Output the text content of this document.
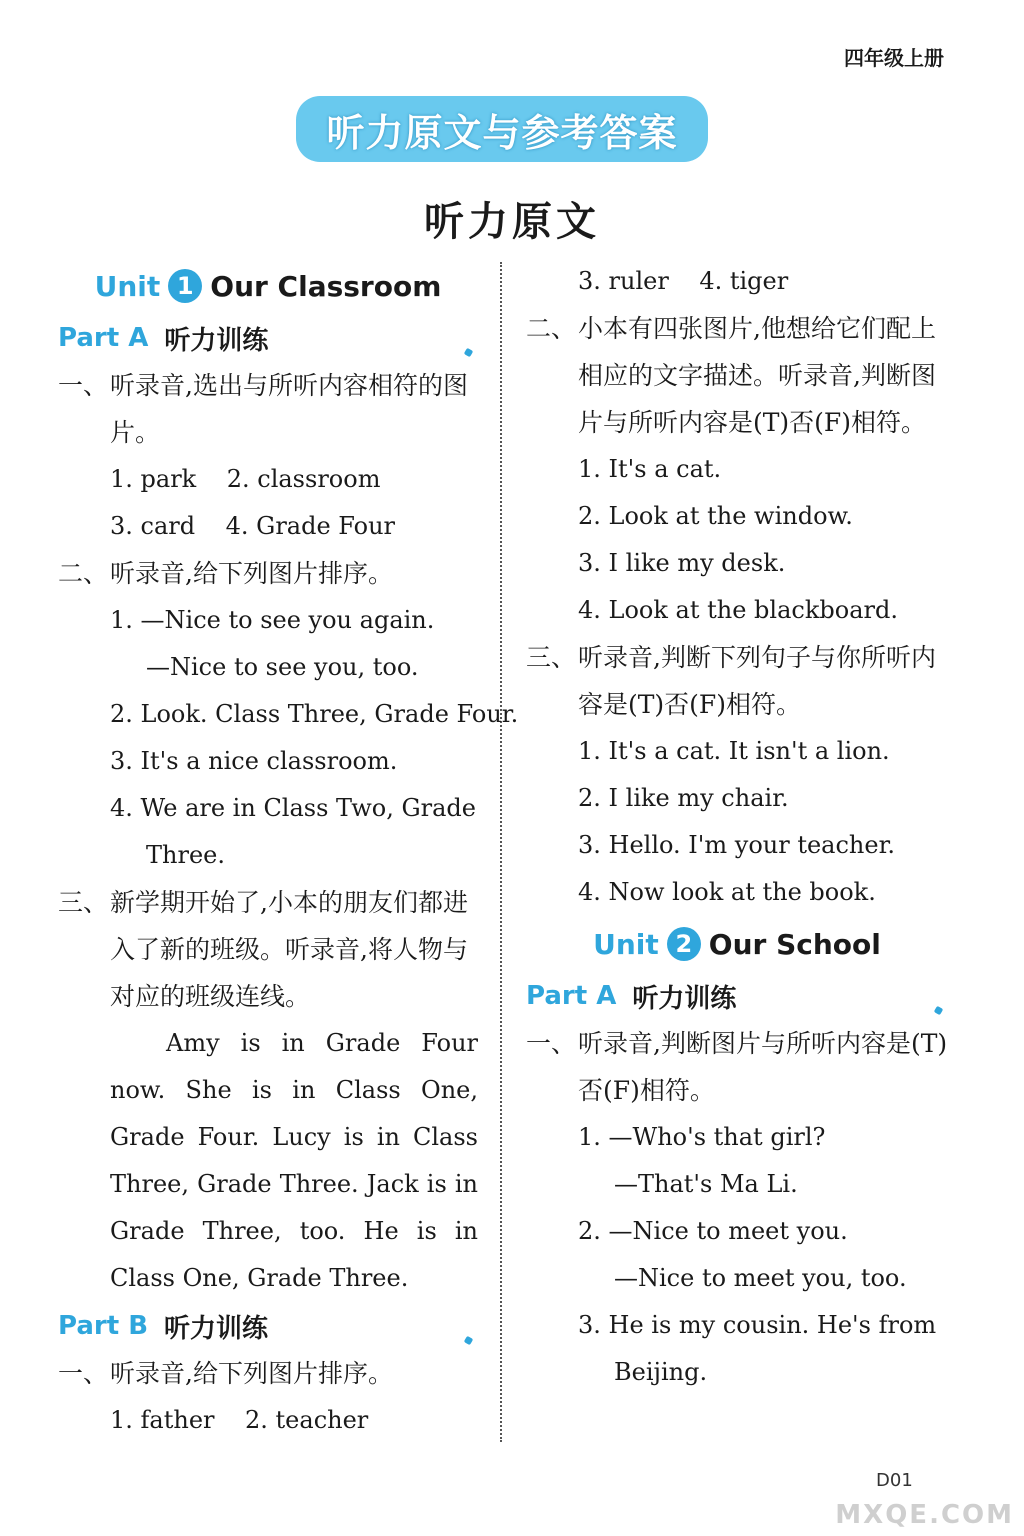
四年级上册
听力原文与参考答案
听力原文
Unit 1 Our Classroom
Part A 听力训练
一、 听录音,选出与所听内容相符的图片。
1. park    2. classroom
3. card    4. Grade Four
二、 听录音,给下列图片排序。
1. —Nice to see you again.
—Nice to see you, too.
2. Look. Class Three, Grade Four.
3. It's a nice classroom.
4. We are in Class Two, Grade
Three.
三、 新学期开始了,小本的朋友们都进入了新的班级。听录音,将人物与对应的班级连线。

Amy is in Grade Four now. She is in Class One, Grade Four. Lucy is in Class Three, Grade Three. Jack is in Grade Three, too. He is in Class One, Grade Three.

Part B 听力训练
一、 听录音,给下列图片排序。
1. father    2. teacher
3. ruler    4. tiger
二、 小本有四张图片,他想给它们配上相应的文字描述。听录音,判断图片与所听内容是(T)否(F)相符。
1. It's a cat.
2. Look at the window.
3. I like my desk.
4. Look at the blackboard.
三、 听录音,判断下列句子与你所听内容是(T)否(F)相符。
1. It's a cat. It isn't a lion.
2. I like my chair.
3. Hello. I'm your teacher.
4. Now look at the book.
Unit 2 Our School
Part A 听力训练
一、 听录音,判断图片与所听内容是(T)否(F)相符。
1. —Who's that girl?
—That's Ma Li.
2. —Nice to meet you.
—Nice to meet you, too.
3. He is my cousin. He's from
Beijing.
D01
MXQE.COM
